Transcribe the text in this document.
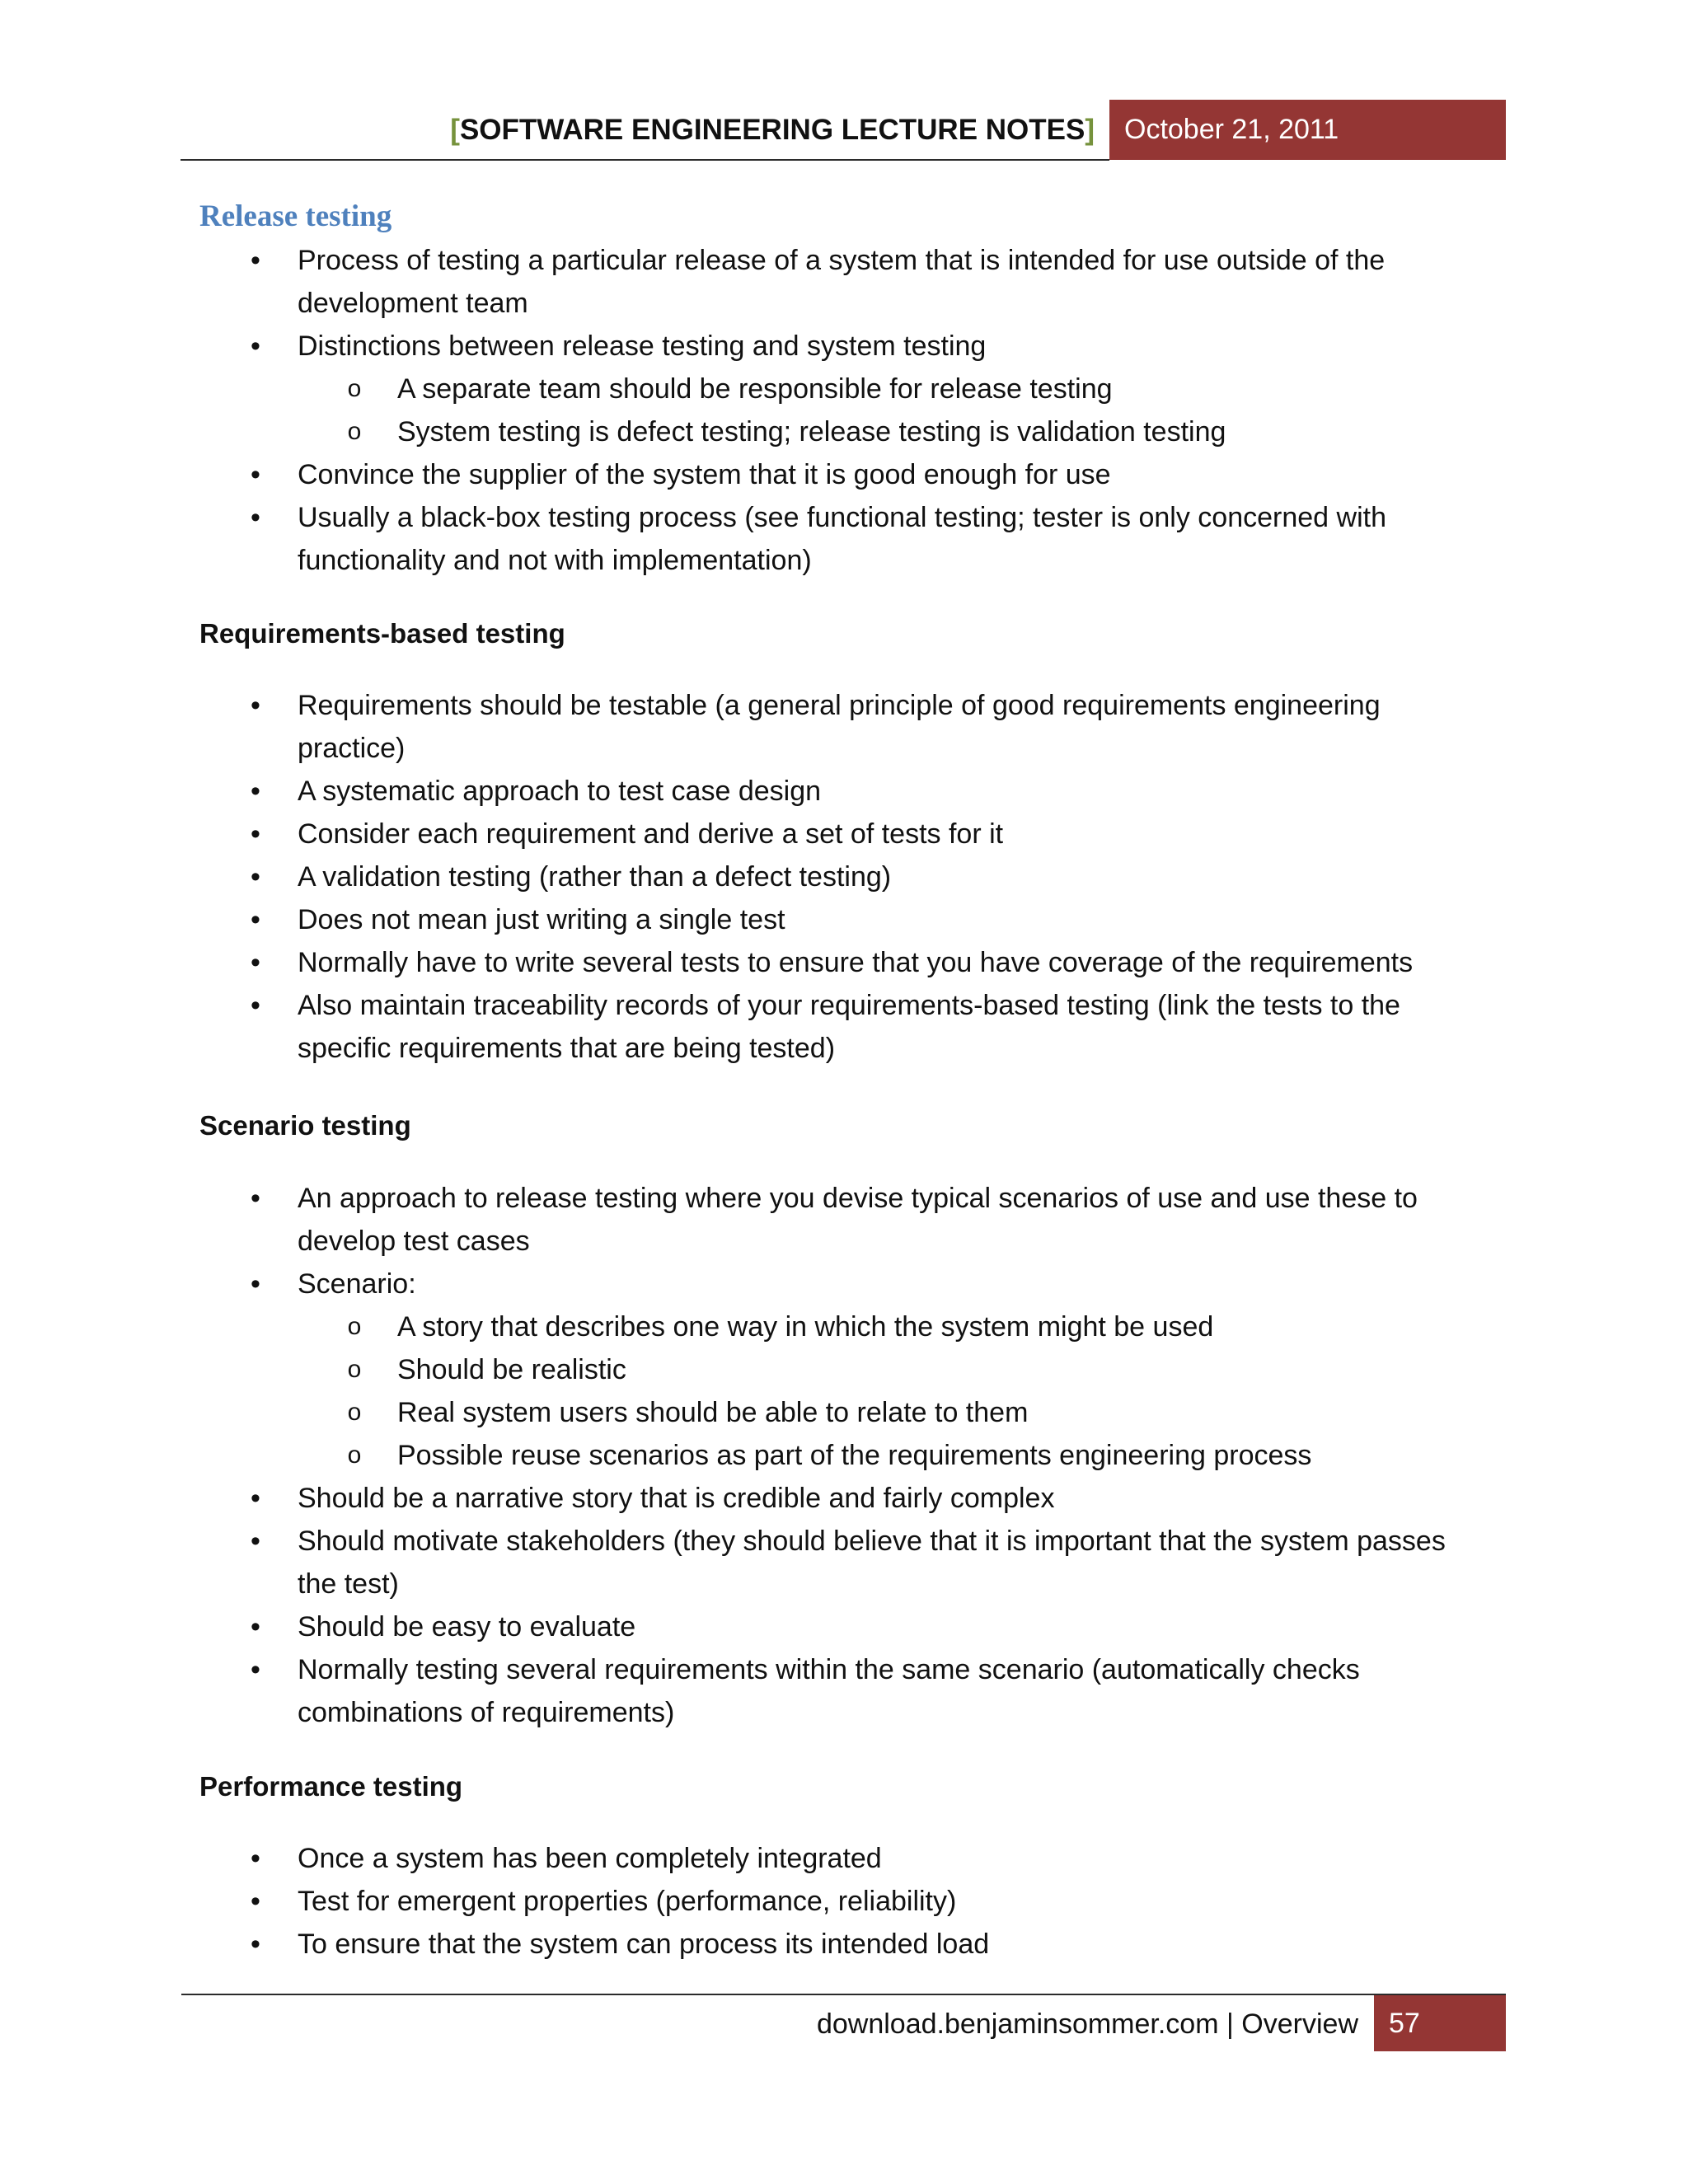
[SOFTWARE ENGINEERING LECTURE NOTES]	October 21, 2011
Release testing
• Process of testing a particular release of a system that is intended for use outside of the development team
• Distinctions between release testing and system testing
o A separate team should be responsible for release testing
o System testing is defect testing; release testing is validation testing
• Convince the supplier of the system that it is good enough for use
• Usually a black-box testing process (see functional testing; tester is only concerned with functionality and not with implementation)
Requirements-based testing
• Requirements should be testable (a general principle of good requirements engineering practice)
• A systematic approach to test case design
• Consider each requirement and derive a set of tests for it
• A validation testing (rather than a defect testing)
• Does not mean just writing a single test
• Normally have to write several tests to ensure that you have coverage of the requirements
• Also maintain traceability records of your requirements-based testing (link the tests to the specific requirements that are being tested)
Scenario testing
• An approach to release testing where you devise typical scenarios of use and use these to develop test cases
• Scenario:
o A story that describes one way in which the system might be used
o Should be realistic
o Real system users should be able to relate to them
o Possible reuse scenarios as part of the requirements engineering process
• Should be a narrative story that is credible and fairly complex
• Should motivate stakeholders (they should believe that it is important that the system passes the test)
• Should be easy to evaluate
• Normally testing several requirements within the same scenario (automatically checks combinations of requirements)
Performance testing
• Once a system has been completely integrated
• Test for emergent properties (performance, reliability)
• To ensure that the system can process its intended load
download.benjaminsommer.com | Overview	57
